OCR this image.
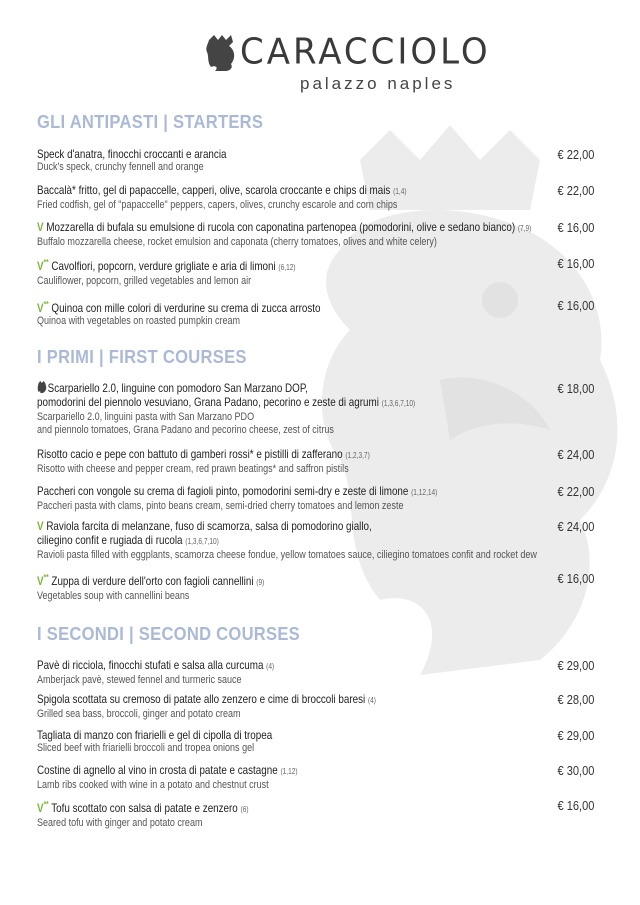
CARACCIOLO
palazzo naples
GLI ANTIPASTI | STARTERS
Speck d'anatra, finocchi croccanti e arancia
Duck's speck, crunchy fennell and orange
€ 22,00
Baccalà* fritto, gel di papaccelle, capperi, olive, scarola croccante e chips di mais (1,4)
Fried codfish, gel of "papaccelle" peppers, capers, olives, crunchy escarole and corn chips
€ 22,00
V Mozzarella di bufala su emulsione di rucola con caponatina partenopea (pomodorini, olive e sedano bianco) (7,9)
Buffalo mozzarella cheese, rocket emulsion and caponata (cherry tomatoes, olives and white celery)
€ 16,00
V** Cavolfiori, popcorn, verdure grigliate e aria di limoni (6,12)
Cauliflower, popcorn, grilled vegetables and lemon air
€ 16,00
V** Quinoa con mille colori di verdurine su crema di zucca arrosto
Quinoa with vegetables on roasted pumpkin cream
€ 16,00
I PRIMI | FIRST COURSES
Scarpariello 2.0, linguine con pomodoro San Marzano DOP,
pomodorini del piennolo vesuviano, Grana Padano, pecorino e zeste di agrumi (1,3,6,7,10)
Scarpariello 2.0, linguini pasta with San Marzano PDO
and piennolo tomatoes, Grana Padano and pecorino cheese, zest of citrus
€ 18,00
Risotto cacio e pepe con battuto di gamberi rossi* e pistilli di zafferano (1,2,3,7)
Risotto with cheese and pepper cream, red prawn beatings* and saffron pistils
€ 24,00
Paccheri con vongole su crema di fagioli pinto, pomodorini semi-dry e zeste di limone (1,12,14)
Paccheri pasta with clams, pinto beans cream, semi-dried cherry tomatoes and lemon zeste
€ 22,00
V Raviola farcita di melanzane, fuso di scamorza, salsa di pomodorino giallo,
ciliegino confit e rugiada di rucola (1,3,6,7,10)
Ravioli pasta filled with eggplants, scamorza cheese fondue, yellow tomatoes sauce, ciliegino tomatoes confit and rocket dew
€ 24,00
V** Zuppa di verdure dell'orto con fagioli cannellini (9)
Vegetables soup with cannellini beans
€ 16,00
I SECONDI | SECOND COURSES
Pavè di ricciola, finocchi stufati e salsa alla curcuma (4)
Amberjack pavè, stewed fennel and turmeric sauce
€ 29,00
Spigola scottata su cremoso di patate allo zenzero e cime di broccoli baresi (4)
Grilled sea bass, broccoli, ginger and potato cream
€ 28,00
Tagliata di manzo con friarielli e gel di cipolla di tropea
Sliced beef with friarielli broccoli and tropea onions gel
€ 29,00
Costine di agnello al vino in crosta di patate e castagne (1,12)
Lamb ribs cooked with wine in a potato and chestnut crust
€ 30,00
V** Tofu scottato con salsa di patate e zenzero (6)
Seared tofu with ginger and potato cream
€ 16,00
